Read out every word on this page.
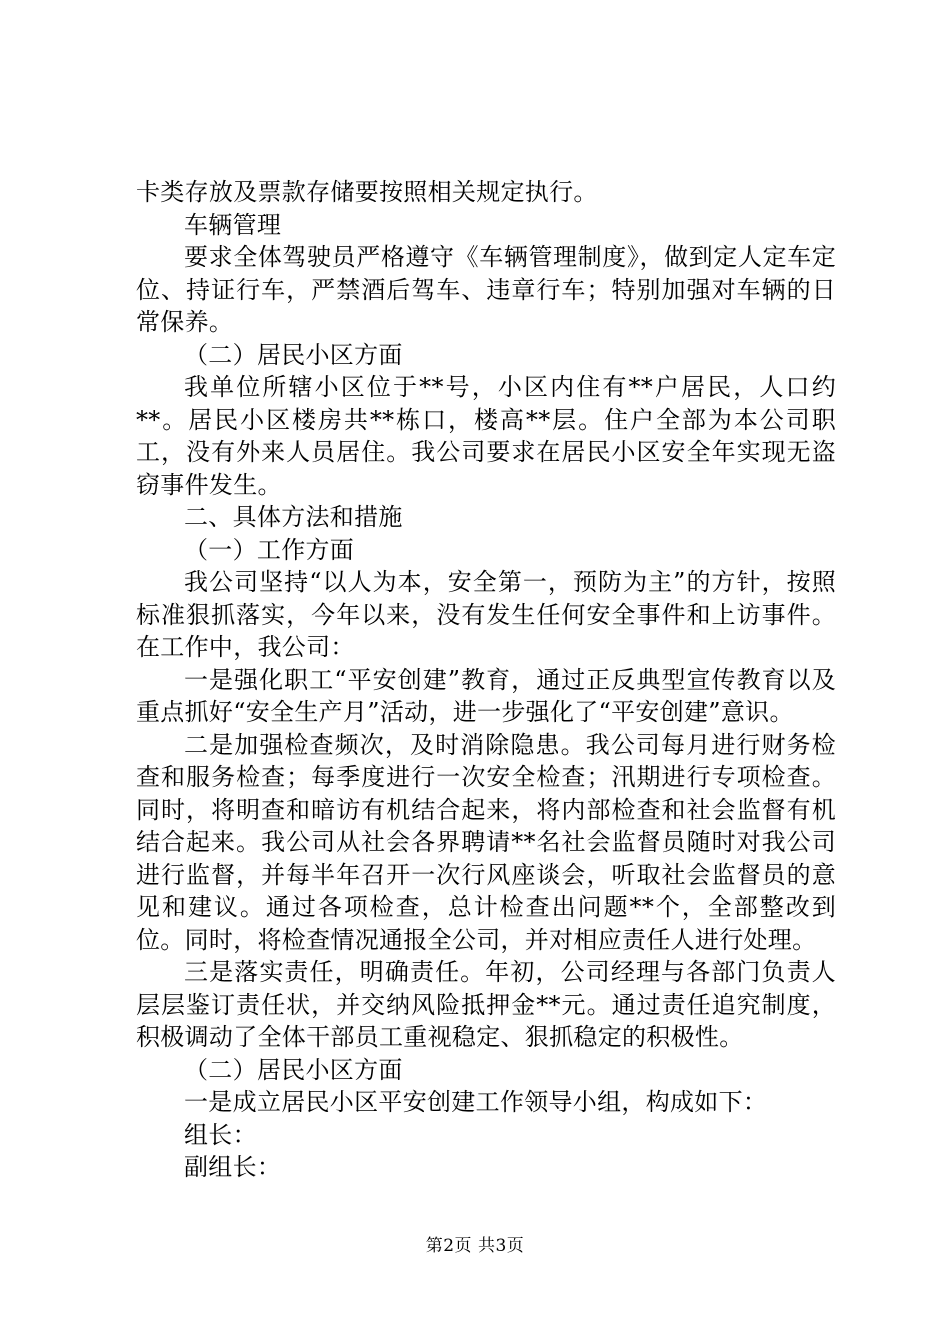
卡类存放及票款存储要按照相关规定执行。

车辆管理

要求全体驾驶员严格遵守《车辆管理制度》，做到定人定车定位、持证行车，严禁酒后驾车、违章行车；特别加强对车辆的日常保养。

（二）居民小区方面

我单位所辖小区位于**号，小区内住有**户居民，人口约**。居民小区楼房共**栋口，楼高**层。住户全部为本公司职工，没有外来人员居住。我公司要求在居民小区安全年实现无盗窃事件发生。

二、具体方法和措施

（一）工作方面

我公司坚持“以人为本，安全第一，预防为主”的方针，按照标准狠抓落实，今年以来，没有发生任何安全事件和上访事件。在工作中，我公司：

一是强化职工“平安创建”教育，通过正反典型宣传教育以及重点抓好“安全生产月”活动，进一步强化了“平安创建”意识。

二是加强检查频次，及时消除隐患。我公司每月进行财务检查和服务检查；每季度进行一次安全检查；汛期进行专项检查。同时，将明查和暗访有机结合起来，将内部检查和社会监督有机结合起来。我公司从社会各界聘请**名社会监督员随时对我公司进行监督，并每半年召开一次行风座谈会，听取社会监督员的意见和建议。通过各项检查，总计检查出问题**个，全部整改到位。同时，将检查情况通报全公司，并对相应责任人进行处理。

三是落实责任，明确责任。年初，公司经理与各部门负责人层层鉴订责任状，并交纳风险抵押金**元。通过责任追究制度，积极调动了全体干部员工重视稳定、狠抓稳定的积极性。

（二）居民小区方面

一是成立居民小区平安创建工作领导小组，构成如下：

组长：

副组长：

第2页 共3页
